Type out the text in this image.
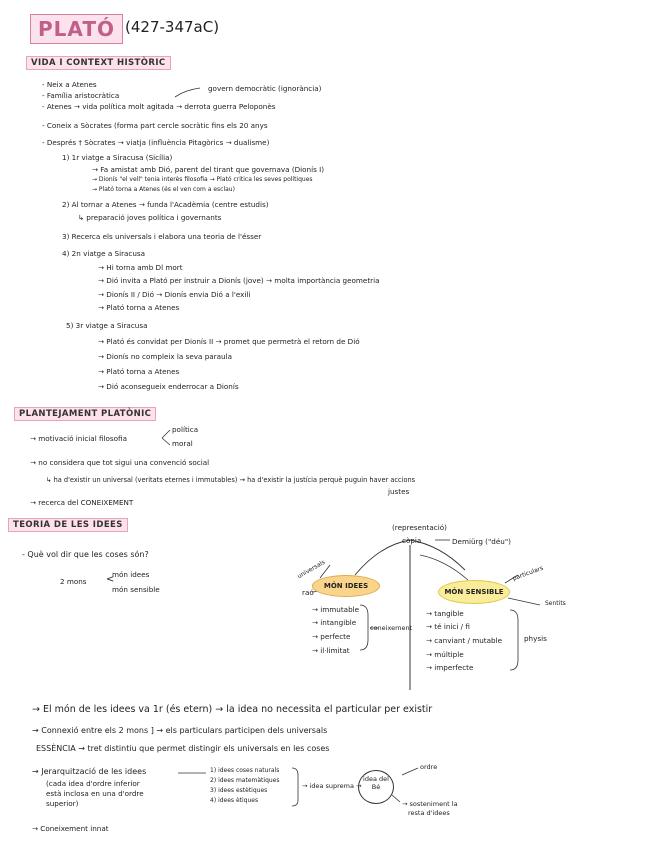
PLATÓ (427-347aC)
VIDA I CONTEXT HISTÒRIC
- Neix a Atenes
- Família aristocràtica
govern democràtic (ignorància)
- Atenes → vida política molt agitada → derrota guerra Peloponès
- Coneix a Sòcrates (forma part cercle socràtic fins els 20 anys
- Després † Sòcrates → viatja (influència Pitagòrics → dualisme)
1) 1r viatge a Siracusa (Sicília)
→ Fa amistat amb Dió, parent del tirant que governava (Dionís I)
→ Dionís "el vell" tenia interès filosofia → Plató critica les seves polítiques
→ Plató torna a Atenes (és el ven com a esclau)
2) Al tornar a Atenes → funda l'Acadèmia (centre estudis)
↳ preparació joves política i governants
3) Recerca els universals i elabora una teoria de l'ésser
4) 2n viatge a Siracusa
→ Hi torna amb Dl mort
→ Dió invita a Plató per instruir a Dionís (jove) → molta importància geometria
→ Dionís II / Dió → Dionís envia Dió a l'exili
→ Plató torna a Atenes
5) 3r viatge a Siracusa
→ Plató és convidat per Dionís II → promet que permetrà el retorn de Dió
→ Dionís no compleix la seva paraula
→ Plató torna a Atenes
→ Dió aconsegueix enderrocar a Dionís
PLANTEJAMENT PLATÒNIC
→ motivació inicial filosofia
política
moral
→ no considera que tot sigui una convenció social
↳ ha d'existir un universal (veritats eternes i immutables) → ha d'existir la justícia perquè puguin haver accions
justes
→ recerca del CONEIXEMENT
TEORIA DE LES IDEES
- Què vol dir que les coses són?
2 mons
món idees
món sensible
<
(representació)
còpia	Demiürg ("déu")
universals	particulars
Sentits
raó
MÓN IDEES
MÓN SENSIBLE
→ immutable
→ intangible
→ perfecte
→ il·limitat
coneixement
→ tangible
→ té inici / fi
→ canviant / mutable
→ múltiple
→ imperfecte
physis
→ El món de les idees va 1r (és etern) → la idea no necessita el particular per existir
→ Connexió entre els 2 mons ] → els particulars participen dels universals
ESSÈNCIA → tret distintiu que permet distingir els universals en les coses
→ Jerarquització de les idees
(cada idea d'ordre inferior
està inclosa en una d'ordre
superior)
1) idees coses naturals
2) idees matemàtiques
3) idees estètiques
4) idees ètiques
→ idea suprema →
idea del Bé
ordre
→ sosteniment la
resta d'idees
→ Coneixement innat
